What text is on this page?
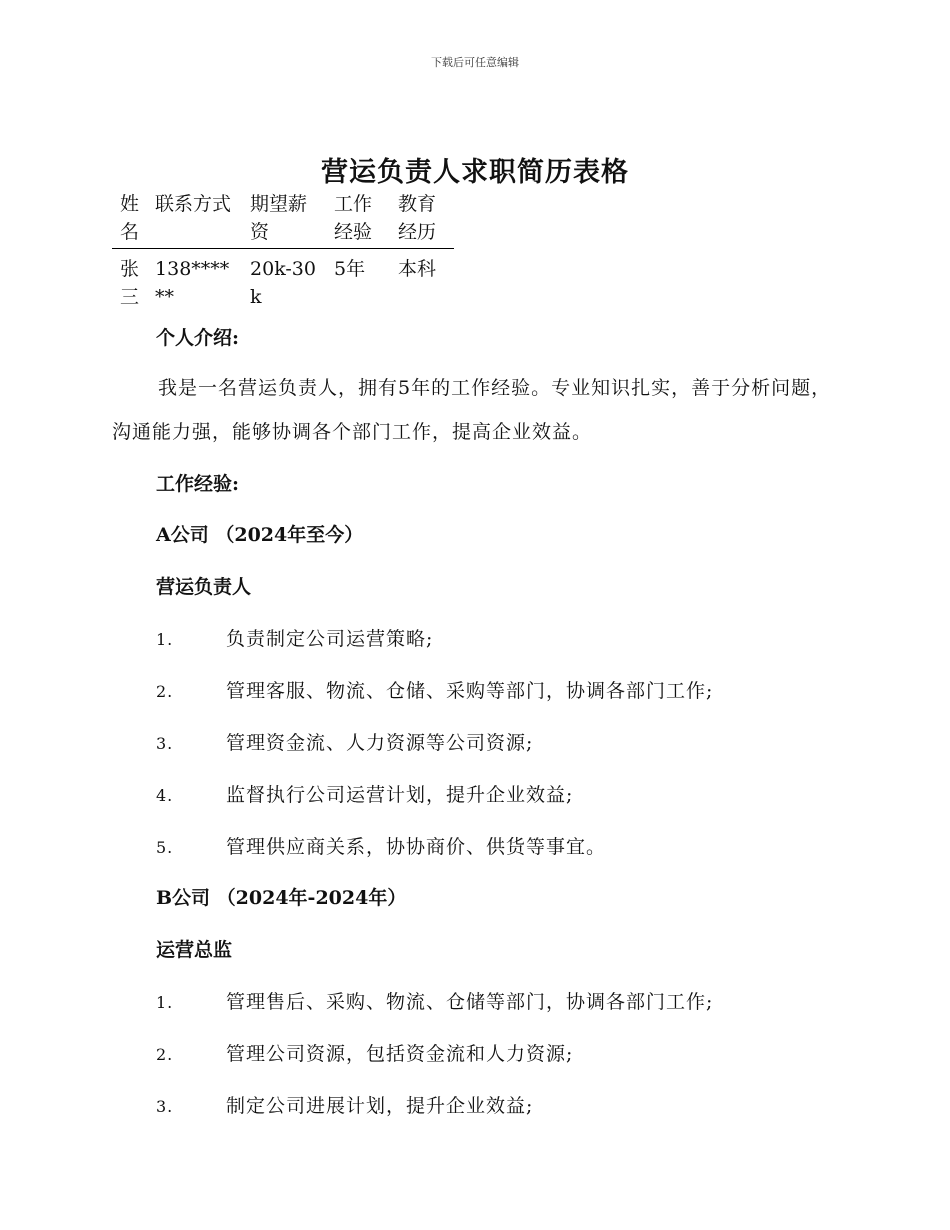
下载后可任意编辑
营运负责人求职简历表格
姓名	联系方式	期望薪资	工作经验	教育经历
张三	138******	20k-30k	5年	本科
个人介绍:
我是一名营运负责人，拥有5年的工作经验。专业知识扎实，善于分析问题，沟通能力强，能够协调各个部门工作，提高企业效益。
工作经验:
A公司 （2024年至今）
营运负责人
1.	负责制定公司运营策略;
2.	管理客服、物流、仓储、采购等部门，协调各部门工作;
3.	管理资金流、人力资源等公司资源;
4.	监督执行公司运营计划，提升企业效益;
5.	管理供应商关系，协协商价、供货等事宜。
B公司 （2024年-2024年）
运营总监
1.	管理售后、采购、物流、仓储等部门，协调各部门工作;
2.	管理公司资源，包括资金流和人力资源;
3.	制定公司进展计划，提升企业效益;
